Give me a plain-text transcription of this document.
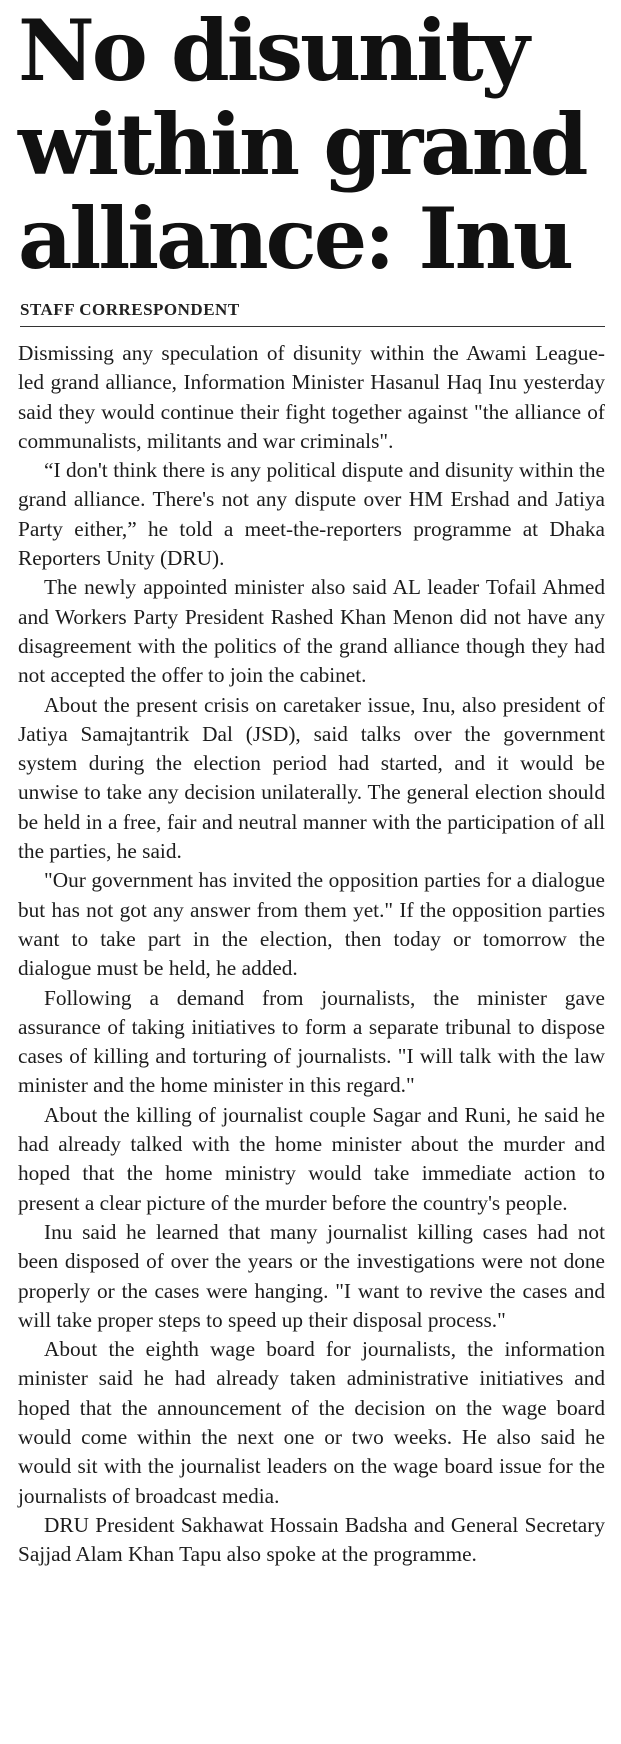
No disunity within grand alliance: Inu
STAFF CORRESPONDENT

Dismissing any speculation of disunity within the Awami League-led grand alliance, Information Minister Hasanul Haq Inu yesterday said they would continue their fight together against "the alliance of communalists, militants and war criminals".

“I don't think there is any political dispute and disunity within the grand alliance. There's not any dispute over HM Ershad and Jatiya Party either,” he told a meet-the-reporters programme at Dhaka Reporters Unity (DRU).

The newly appointed minister also said AL leader Tofail Ahmed and Workers Party President Rashed Khan Menon did not have any disagreement with the politics of the grand alliance though they had not accepted the offer to join the cabinet.

About the present crisis on caretaker issue, Inu, also president of Jatiya Samajtantrik Dal (JSD), said talks over the government system during the election period had started, and it would be unwise to take any decision unilaterally. The general election should be held in a free, fair and neutral manner with the participation of all the parties, he said.

"Our government has invited the opposition parties for a dialogue but has not got any answer from them yet." If the opposition parties want to take part in the election, then today or tomorrow the dialogue must be held, he added.

Following a demand from journalists, the minister gave assurance of taking initiatives to form a separate tribunal to dispose cases of killing and torturing of journalists. "I will talk with the law minister and the home minister in this regard."

About the killing of journalist couple Sagar and Runi, he said he had already talked with the home minister about the murder and hoped that the home ministry would take immediate action to present a clear picture of the murder before the country's people.

Inu said he learned that many journalist killing cases had not been disposed of over the years or the investigations were not done properly or the cases were hanging. "I want to revive the cases and will take proper steps to speed up their disposal process."

About the eighth wage board for journalists, the information minister said he had already taken administrative initiatives and hoped that the announcement of the decision on the wage board would come within the next one or two weeks. He also said he would sit with the journalist leaders on the wage board issue for the journalists of broadcast media.

DRU President Sakhawat Hossain Badsha and General Secretary Sajjad Alam Khan Tapu also spoke at the programme.
